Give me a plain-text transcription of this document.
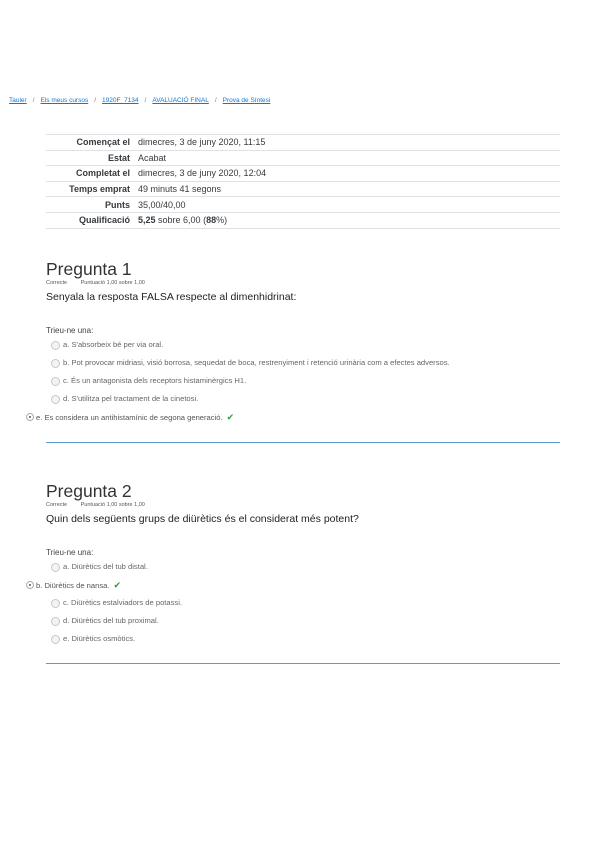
Tauler / Els meus cursos / 1920F_7134 / AVALUACIÓ FINAL / Prova de Síntesi
Començat el	dimecres, 3 de juny 2020, 11:15
Estat	Acabat
Completat el	dimecres, 3 de juny 2020, 12:04
Temps emprat	49 minuts 41 segons
Punts	35,00/40,00
Qualificació	5,25 sobre 6,00 (88%)
Pregunta 1
Correcte Puntuació 1,00 sobre 1,00
Senyala la resposta FALSA respecte al dimenhidrinat:
Trieu-ne una:
a. S'absorbeix bé per via oral.
b. Pot provocar midriasi, visió borrosa, sequedat de boca, restrenyiment i retenció urinària com a efectes adversos.
c. És un antagonista dels receptors histaminèrgics H1.
d. S'utilitza pel tractament de la cinetosi.
e. Es considera un antihistamínic de segona generació. ✔
Pregunta 2
Correcte Puntuació 1,00 sobre 1,00
Quin dels següents grups de diürètics és el considerat més potent?
Trieu-ne una:
a. Diürètics del tub distal.
b. Diürètics de nansa. ✔
c. Diürètics estalviadors de potassi.
d. Diürètics del tub proximal.
e. Diürètics osmòtics.
